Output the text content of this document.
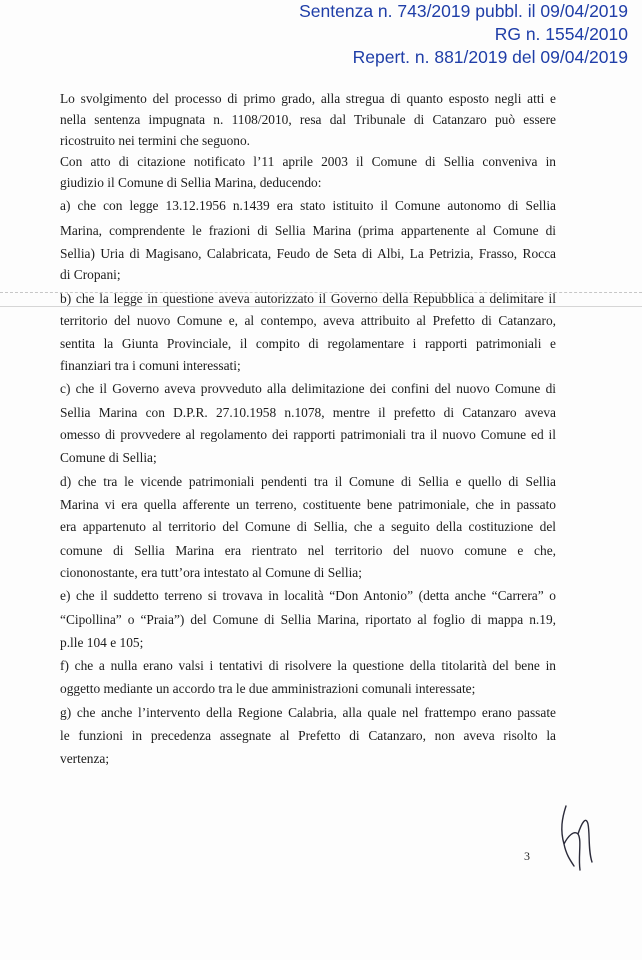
Sentenza n. 743/2019 pubbl. il 09/04/2019
RG n. 1554/2010
Repert. n. 881/2019 del 09/04/2019
Lo svolgimento del processo di primo grado, alla stregua di quanto esposto negli atti e
nella sentenza impugnata n. 1108/2010, resa dal Tribunale di Catanzaro può essere
ricostruito nei termini che seguono.
Con atto di citazione notificato l’11 aprile 2003 il Comune di Sellia conveniva in
giudizio il Comune di Sellia Marina, deducendo:
a) che con legge 13.12.1956 n.1439 era stato istituito il Comune autonomo di Sellia
Marina, comprendente le frazioni di Sellia Marina (prima appartenente al Comune di
Sellia) Uria di Magisano, Calabricata, Feudo de Seta di Albi, La Petrizia, Frasso, Rocca
di Cropani;
b) che la legge in questione aveva autorizzato il Governo della Repubblica a delimitare il
territorio del nuovo Comune e, al contempo, aveva attribuito al Prefetto di Catanzaro,
sentita la Giunta Provinciale, il compito di regolamentare i rapporti patrimoniali e
finanziari tra i comuni interessati;
c) che il Governo aveva provveduto alla delimitazione dei confini del nuovo Comune di
Sellia Marina con D.P.R. 27.10.1958 n.1078, mentre il prefetto di Catanzaro aveva
omesso di provvedere al regolamento dei rapporti patrimoniali tra il nuovo Comune ed il
Comune di Sellia;
d) che tra le vicende patrimoniali pendenti tra il Comune di Sellia e quello di Sellia
Marina vi era quella afferente un terreno, costituente bene patrimoniale, che in passato
era appartenuto al territorio del Comune di Sellia, che a seguito della costituzione del
comune di Sellia Marina era rientrato nel territorio del nuovo comune e che,
ciononostante, era tutt’ora intestato al Comune di Sellia;
e) che il suddetto terreno si trovava in località “Don Antonio” (detta anche “Carrera” o
“Cipollina” o “Praia”) del Comune di Sellia Marina, riportato al foglio di mappa n.19,
p.lle 104 e 105;
f) che a nulla erano valsi i tentativi di risolvere la questione della titolarità del bene in
oggetto mediante un accordo tra le due amministrazioni comunali interessate;
g) che anche l’intervento della Regione Calabria, alla quale nel frattempo erano passate
le funzioni in precedenza assegnate al Prefetto di Catanzaro, non aveva risolto la
vertenza;
3
